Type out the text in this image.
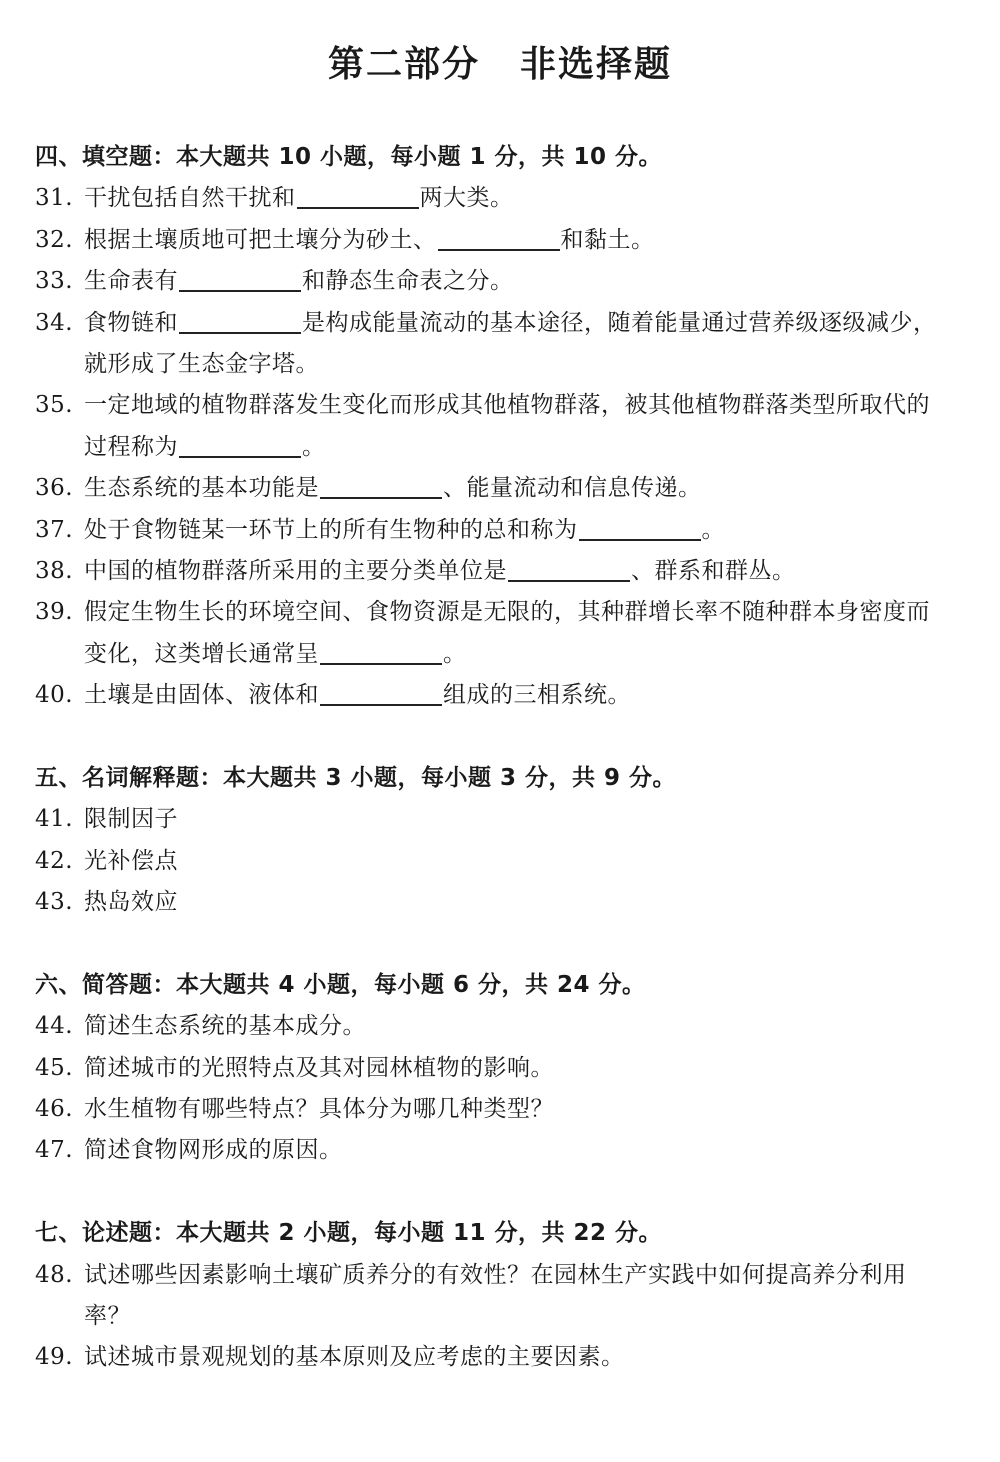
第二部分 非选择题
四、填空题：本大题共 10 小题，每小题 1 分，共 10 分。
31. 干扰包括自然干扰和	两大类。
32. 根据土壤质地可把土壤分为砂土、	和黏土。
33. 生命表有	和静态生命表之分。
34. 食物链和	是构成能量流动的基本途径，随着能量通过营养级逐级减少，
就形成了生态金字塔。
35. 一定地域的植物群落发生变化而形成其他植物群落，被其他植物群落类型所取代的
过程称为	。
36. 生态系统的基本功能是	、能量流动和信息传递。
37. 处于食物链某一环节上的所有生物种的总和称为	。
38. 中国的植物群落所采用的主要分类单位是	、群系和群丛。
39. 假定生物生长的环境空间、食物资源是无限的，其种群增长率不随种群本身密度而
变化，这类增长通常呈	。
40. 土壤是由固体、液体和	组成的三相系统。
五、名词解释题：本大题共 3 小题，每小题 3 分，共 9 分。
41. 限制因子
42. 光补偿点
43. 热岛效应
六、简答题：本大题共 4 小题，每小题 6 分，共 24 分。
44. 简述生态系统的基本成分。
45. 简述城市的光照特点及其对园林植物的影响。
46. 水生植物有哪些特点？具体分为哪几种类型？
47. 简述食物网形成的原因。
七、论述题：本大题共 2 小题，每小题 11 分，共 22 分。
48. 试述哪些因素影响土壤矿质养分的有效性？在园林生产实践中如何提高养分利用
率？
49. 试述城市景观规划的基本原则及应考虑的主要因素。
